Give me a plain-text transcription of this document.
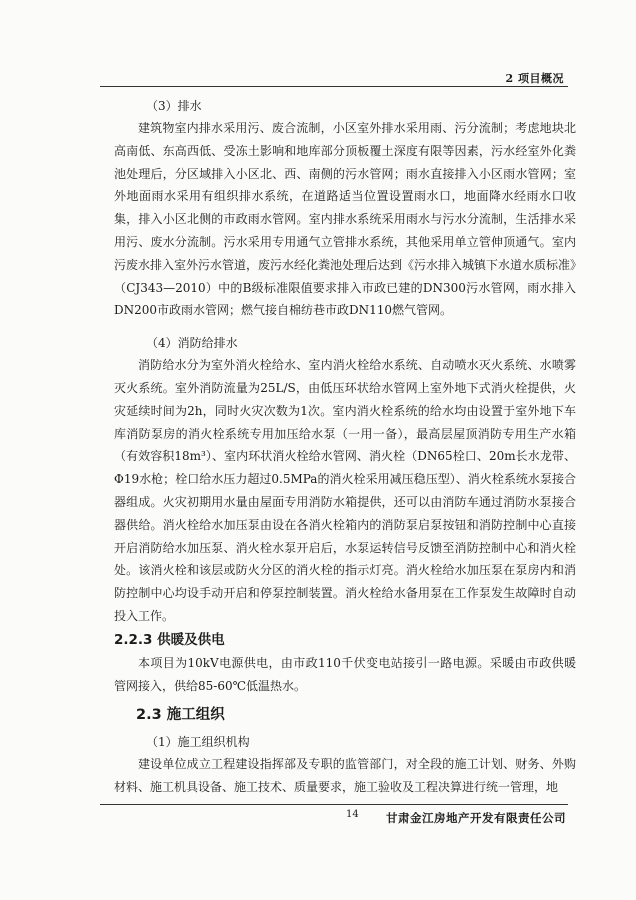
2 项目概况

（3）排水

建筑物室内排水采用污、废合流制，小区室外排水采用雨、污分流制；考虑地块北高南低、东高西低、受冻土影响和地库部分顶板覆土深度有限等因素，污水经室外化粪池处理后，分区域排入小区北、西、南侧的污水管网；雨水直接排入小区雨水管网；室外地面雨水采用有组织排水系统，在道路适当位置设置雨水口，地面降水经雨水口收集，排入小区北侧的市政雨水管网。室内排水系统采用雨水与污水分流制，生活排水采用污、废水分流制。污水采用专用通气立管排水系统，其他采用单立管伸顶通气。室内污废水排入室外污水管道，废污水经化粪池处理后达到《污水排入城镇下水道水质标准》（CJ343—2010）中的B级标准限值要求排入市政已建的DN300污水管网，雨水排入DN200市政雨水管网；燃气接自棉纺巷市政DN110燃气管网。

（4）消防给排水

消防给水分为室外消火栓给水、室内消火栓给水系统、自动喷水灭火系统、水喷雾灭火系统。室外消防流量为25L/S，由低压环状给水管网上室外地下式消火栓提供，火灾延续时间为2h，同时火灾次数为1次。室内消火栓系统的给水均由设置于室外地下车库消防泵房的消火栓系统专用加压给水泵（一用一备），最高层屋顶消防专用生产水箱（有效容积18m³）、室内环状消火栓给水管网、消火栓（DN65栓口、20m长水龙带、Φ19水枪；栓口给水压力超过0.5MPa的消火栓采用减压稳压型）、消火栓系统水泵接合器组成。火灾初期用水量由屋面专用消防水箱提供，还可以由消防车通过消防水泵接合器供给。消火栓给水加压泵由设在各消火栓箱内的消防泵启泵按钮和消防控制中心直接开启消防给水加压泵、消火栓水泵开启后，水泵运转信号反馈至消防控制中心和消火栓处。该消火栓和该层或防火分区的消火栓的指示灯亮。消火栓给水加压泵在泵房内和消防控制中心均设手动开启和停泵控制装置。消火栓给水备用泵在工作泵发生故障时自动投入工作。

2.2.3 供暖及供电

本项目为10kV电源供电，由市政110千伏变电站接引一路电源。采暖由市政供暖管网接入，供给85-60℃低温热水。

2.3 施工组织

（1）施工组织机构

建设单位成立工程建设指挥部及专职的监管部门，对全段的施工计划、财务、外购材料、施工机具设备、施工技术、质量要求，施工验收及工程决算进行统一管理，地

14 甘肃金江房地产开发有限责任公司
